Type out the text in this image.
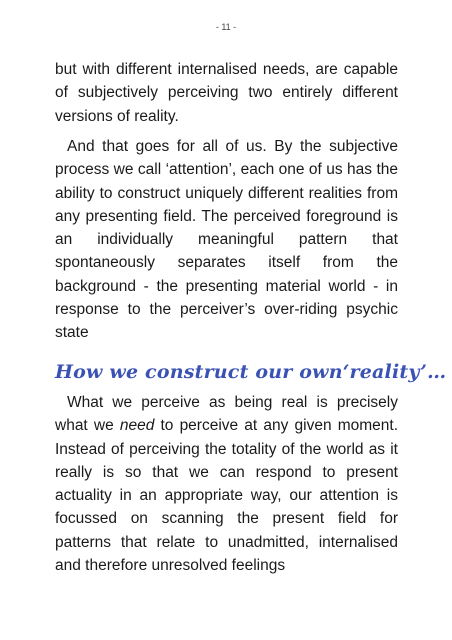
- 11 -

but with different internalised needs, are capable of subjectively perceiving two entirely different versions of reality.

And that goes for all of us. By the subjective process we call ‘attention’, each one of us has the ability to construct uniquely different realities from any presenting field. The perceived foreground is an individually meaningful pattern that spontaneously separates itself from the background - the presenting material world - in response to the perceiver’s over-riding psychic state

How we construct our own‘reality’…

What we perceive as being real is precisely what we need to perceive at any given moment. Instead of perceiving the totality of the world as it really is so that we can respond to present actuality in an appropriate way, our attention is focussed on scanning the present field for patterns that relate to unadmitted, internalised and therefore unresolved feelings
